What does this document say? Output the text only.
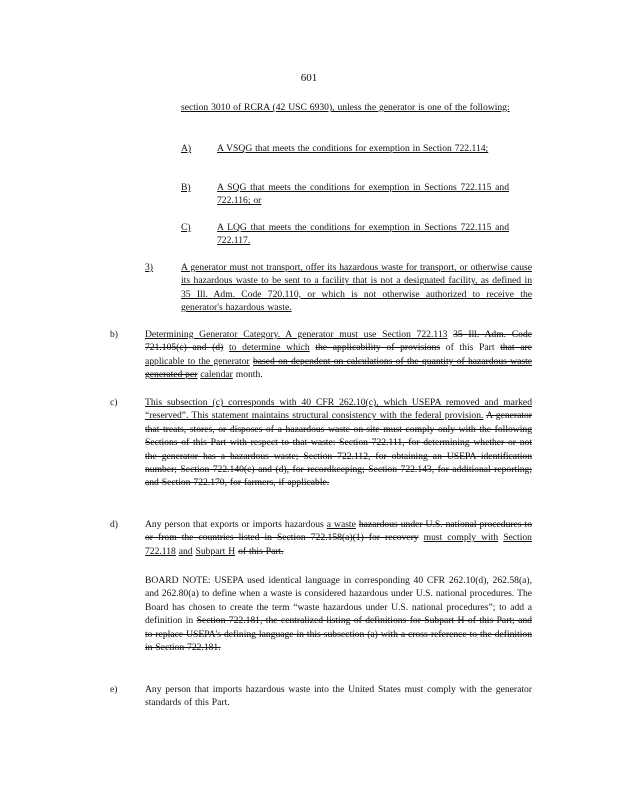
601
section 3010 of RCRA (42 USC 6930), unless the generator is one of the following:
A)	A VSQG that meets the conditions for exemption in Section 722.114;
B)	A SQG that meets the conditions for exemption in Sections 722.115 and 722.116; or
C)	A LQG that meets the conditions for exemption in Sections 722.115 and 722.117.
3)	A generator must not transport, offer its hazardous waste for transport, or otherwise cause its hazardous waste to be sent to a facility that is not a designated facility, as defined in 35 Ill. Adm. Code 720.110, or which is not otherwise authorized to receive the generator's hazardous waste.
b)	Determining Generator Category. A generator must use Section 722.113 35 Ill. Adm. Code 721.105(c) and (d) to determine which the applicability of provisions of this Part that are applicable to the generator based on dependent on calculations of the quantity of hazardous waste generated per calendar month.
c)	This subsection (c) corresponds with 40 CFR 262.10(c), which USEPA removed and marked “reserved”. This statement maintains structural consistency with the federal provision. A generator that treats, stores, or disposes of a hazardous waste on-site must comply only with the following Sections of this Part with respect to that waste: Section 722.111, for determining whether or not the generator has a hazardous waste; Section 722.112, for obtaining an USEPA identification number; Section 722.140(c) and (d), for recordkeeping; Section 722.143, for additional reporting; and Section 722.170, for farmers, if applicable.
d)	Any person that exports or imports hazardous a waste hazardous under U.S. national procedures to or from the countries listed in Section 722.158(a)(1) for recovery must comply with Section 722.118 and Subpart H of this Part.
BOARD NOTE: USEPA used identical language in corresponding 40 CFR 262.10(d), 262.58(a), and 262.80(a) to define when a waste is considered hazardous under U.S. national procedures. The Board has chosen to create the term “waste hazardous under U.S. national procedures”; to add a definition in Section 722.181, the centralized listing of definitions for Subpart H of this Part; and to replace USEPA's defining language in this subsection (a) with a cross-reference to the definition in Section 722.181.
e)	Any person that imports hazardous waste into the United States must comply with the generator standards of this Part.
